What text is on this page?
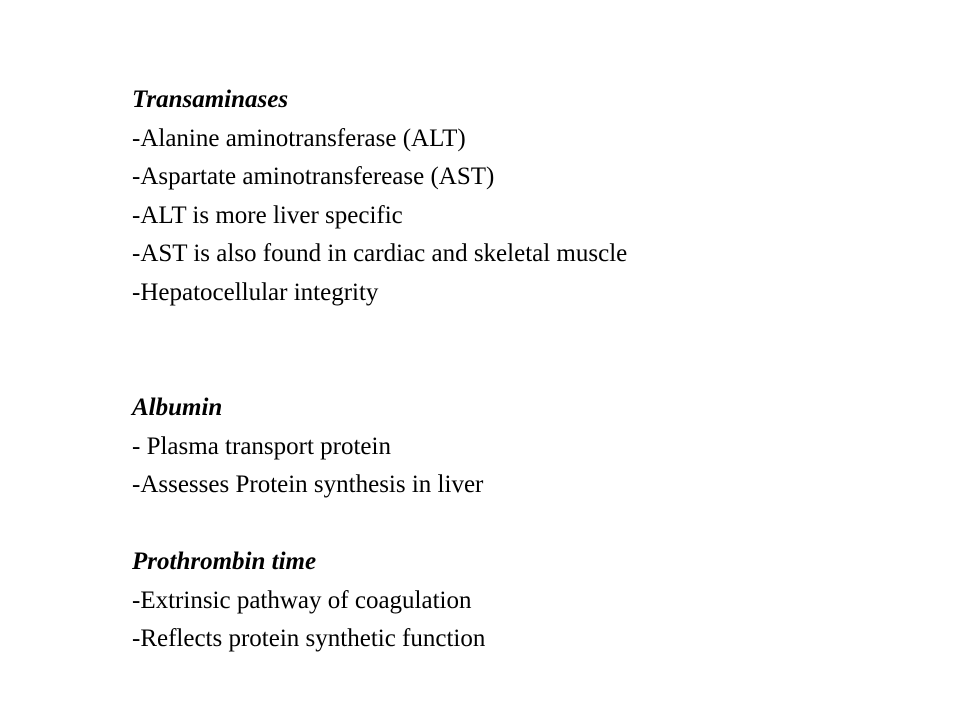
Transaminases
-Alanine aminotransferase (ALT)
-Aspartate aminotransferease (AST)
-ALT is more liver specific
-AST is also found in cardiac and skeletal muscle
-Hepatocellular integrity
Albumin
- Plasma transport protein
-Assesses Protein synthesis in liver
Prothrombin time
-Extrinsic pathway of coagulation
-Reflects protein synthetic function
